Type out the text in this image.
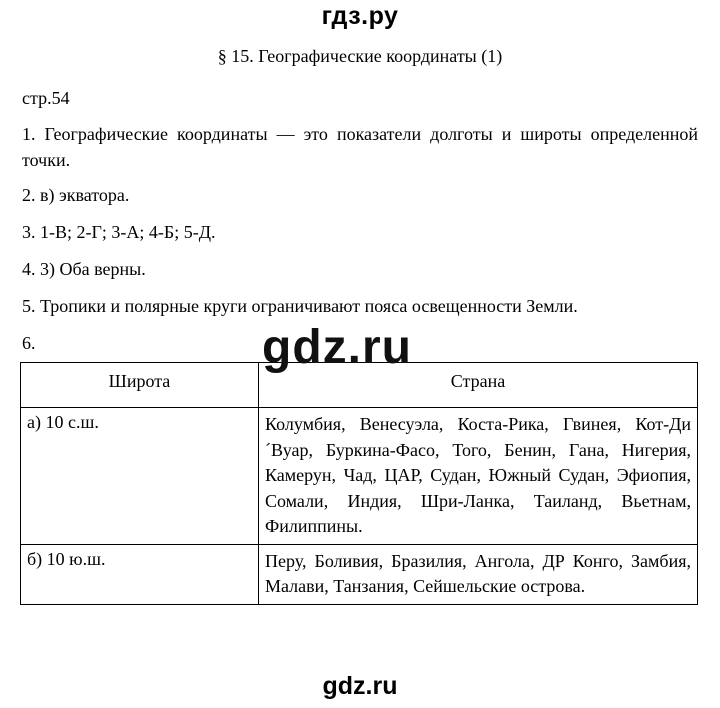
гдз.ру
§ 15. Географические координаты (1)
стр.54
1. Географические координаты — это показатели долготы и широты определенной точки.
2. в) экватора.
3. 1-В; 2-Г; 3-А; 4-Б; 5-Д.
4. 3) Оба верны.
5. Тропики и полярные круги ограничивают пояса освещенности Земли.
6.
Широта	Страна
а) 10 с.ш.	Колумбия, Венесуэла, Коста-Рика, Гвинея, Кот-Ди´Вуар, Буркина-Фасо, Того, Бенин, Гана, Нигерия, Камерун, Чад, ЦАР, Судан, Южный Судан, Эфиопия, Сомали, Индия, Шри-Ланка, Таиланд, Вьетнам, Филиппины.
б) 10 ю.ш.	Перу, Боливия, Бразилия, Ангола, ДР Конго, Замбия, Малави, Танзания, Сейшельские острова.
gdz.ru
gdz.ru
